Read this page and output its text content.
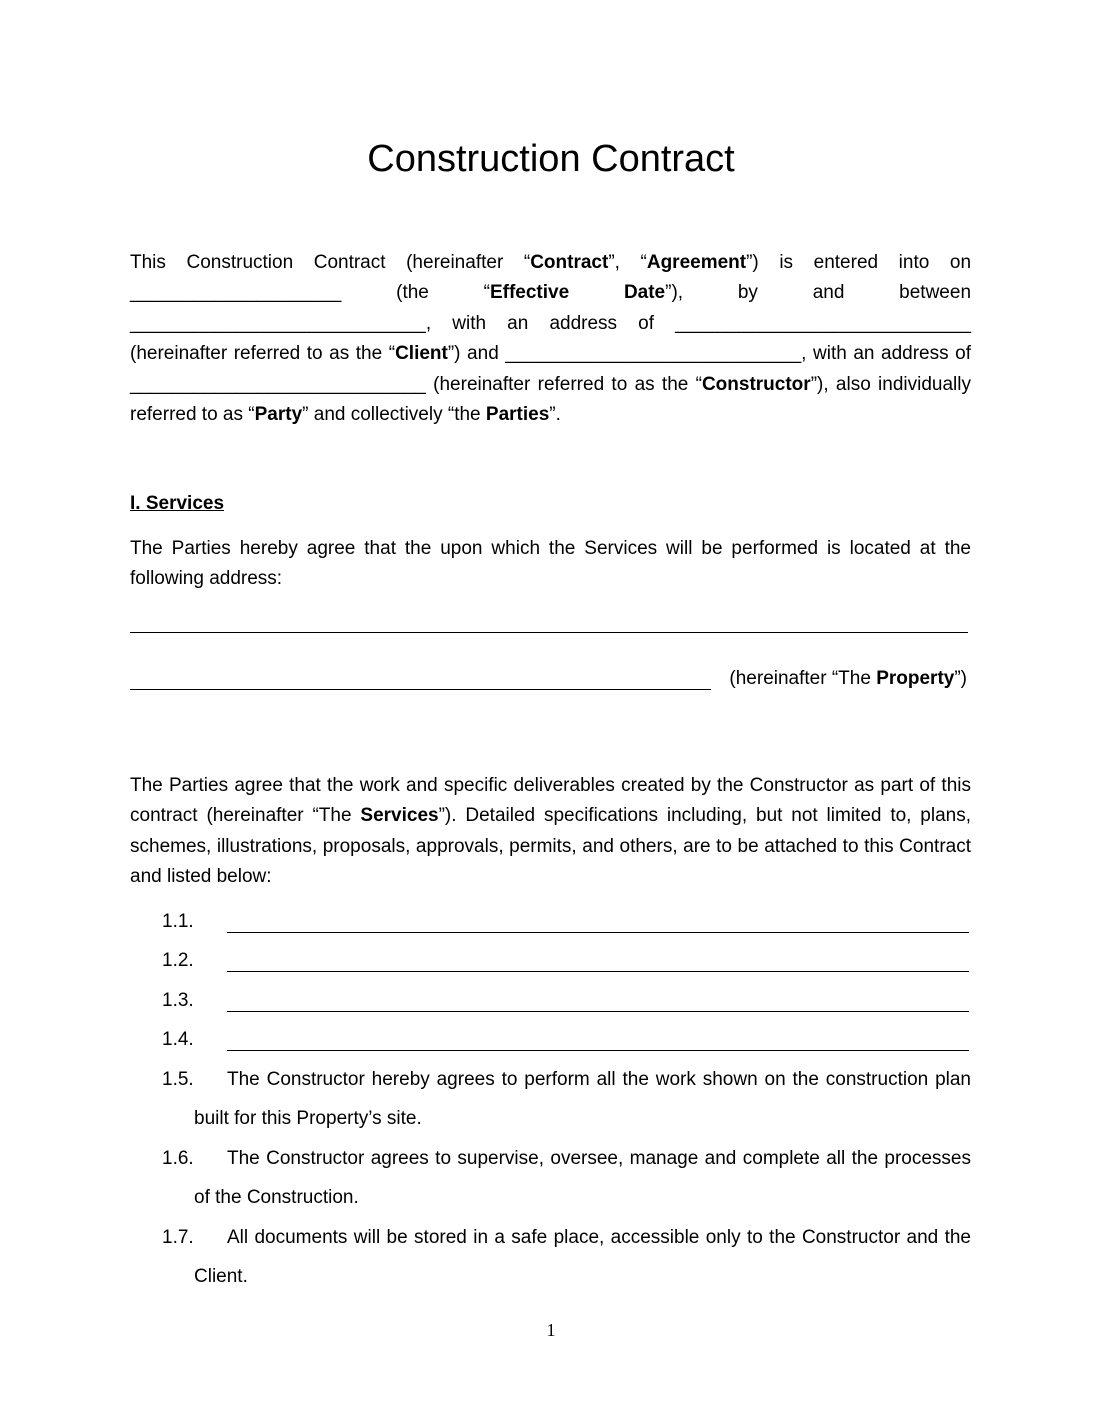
Construction Contract

This Construction Contract (hereinafter “Contract”, “Agreement”) is entered into on ____________________ (the “Effective Date”), by and between ____________________________, with an address of ____________________________ (hereinafter referred to as the “Client”) and ____________________________, with an address of ____________________________ (hereinafter referred to as the “Constructor”), also individually referred to as “Party” and collectively “the Parties”.

I. Services

The Parties hereby agree that the upon which the Services will be performed is located at the following address:

(hereinafter “The Property”)

The Parties agree that the work and specific deliverables created by the Constructor as part of this contract (hereinafter “The Services”). Detailed specifications including, but not limited to, plans, schemes, illustrations, proposals, approvals, permits, and others, are to be attached to this Contract and listed below:

1.1.
1.2.
1.3.
1.4.
1.5.	The Constructor hereby agrees to perform all the work shown on the construction plan built for this Property’s site.
1.6.	The Constructor agrees to supervise, oversee, manage and complete all the processes of the Construction.
1.7.	All documents will be stored in a safe place, accessible only to the Constructor and the Client.
1
